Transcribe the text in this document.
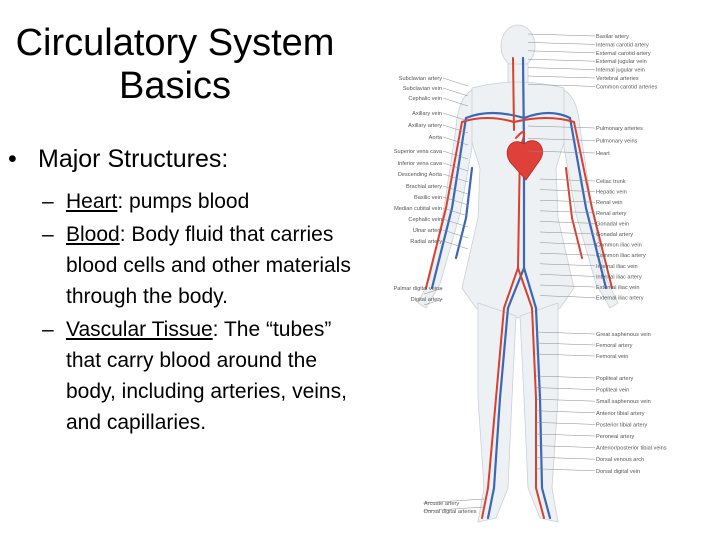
Circulatory System
Basics
• Major Structures:
– Heart: pumps blood
– Blood: Body fluid that carries blood cells and other materials through the body.
– Vascular Tissue: The “tubes” that carry blood around the body, including arteries, veins, and capillaries.
Subclavian artery
Subclavian vein
Cephalic vein
Axillary vein
Axillary artery
Aorta
Superior vena cava
Inferior vena cava
Descending Aorta
Brachial artery
Basilic vein
Median cubital vein
Cephalic vein
Ulnar artery
Radial artery
Palmar digital veins
Digital artery
Basilar artery
Internal carotid artery
External carotid artery
External jugular vein
Internal jugular vein
Vertebral arteries
Common carotid arteries
Pulmonary arteries
Pulmonary veins
Heart
Celiac trunk
Hepatic vein
Renal vein
Renal artery
Gonadal vein
Gonadal artery
Common iliac vein
Common iliac artery
Internal iliac vein
Internal iliac artery
External iliac vein
External iliac artery
Great saphenous vein
Femoral artery
Femoral vein
Popliteal artery
Popliteal vein
Small saphenous vein
Anterior tibial artery
Posterior tibial artery
Peroneal artery
Anterior/posterior tibial veins
Dorsal venous arch
Dorsal digital vein
Arcuate artery
Dorsal digital arteries
